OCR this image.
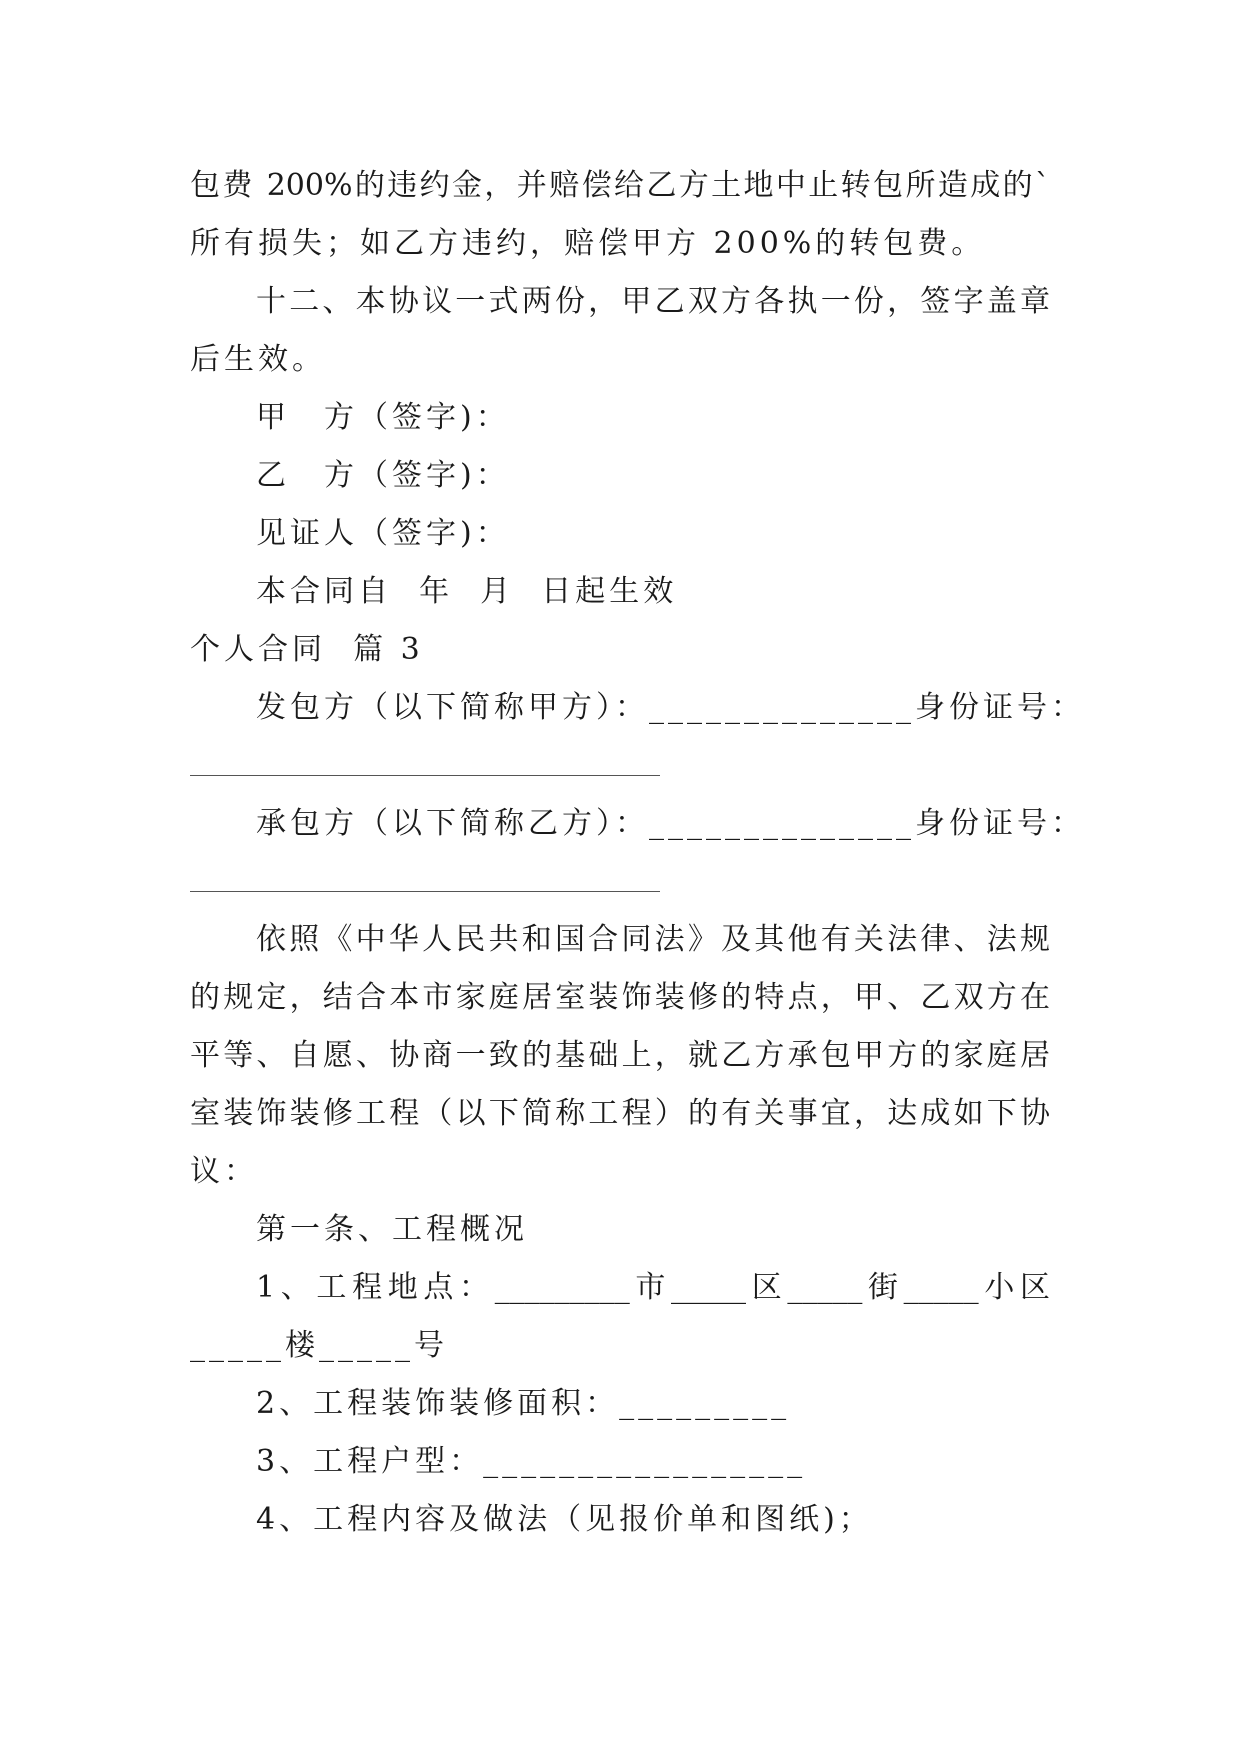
包费 200%的违约金，并赔偿给乙方土地中止转包所造成的`
所有损失；如乙方违约，赔偿甲方 200%的转包费。
十二、本协议一式两份，甲乙双方各执一份，签字盖章
后生效。
甲　方（签字)：
乙　方（签字)：
见证人（签字)：
本合同自  年  月  日起生效
个人合同  篇 3
发包方（以下简称甲方）：______________身份证号：
承包方（以下简称乙方）：______________身份证号：
依照《中华人民共和国合同法》及其他有关法律、法规
的规定，结合本市家庭居室装饰装修的特点，甲、乙双方在
平等、自愿、协商一致的基础上，就乙方承包甲方的家庭居
室装饰装修工程（以下简称工程）的有关事宜，达成如下协
议：
第一条、工程概况
1、工程地点：_________市_____区_____街_____小区
_____楼_____号
2、工程装饰装修面积：_________
3、工程户型：_________________
4、工程内容及做法（见报价单和图纸)；
